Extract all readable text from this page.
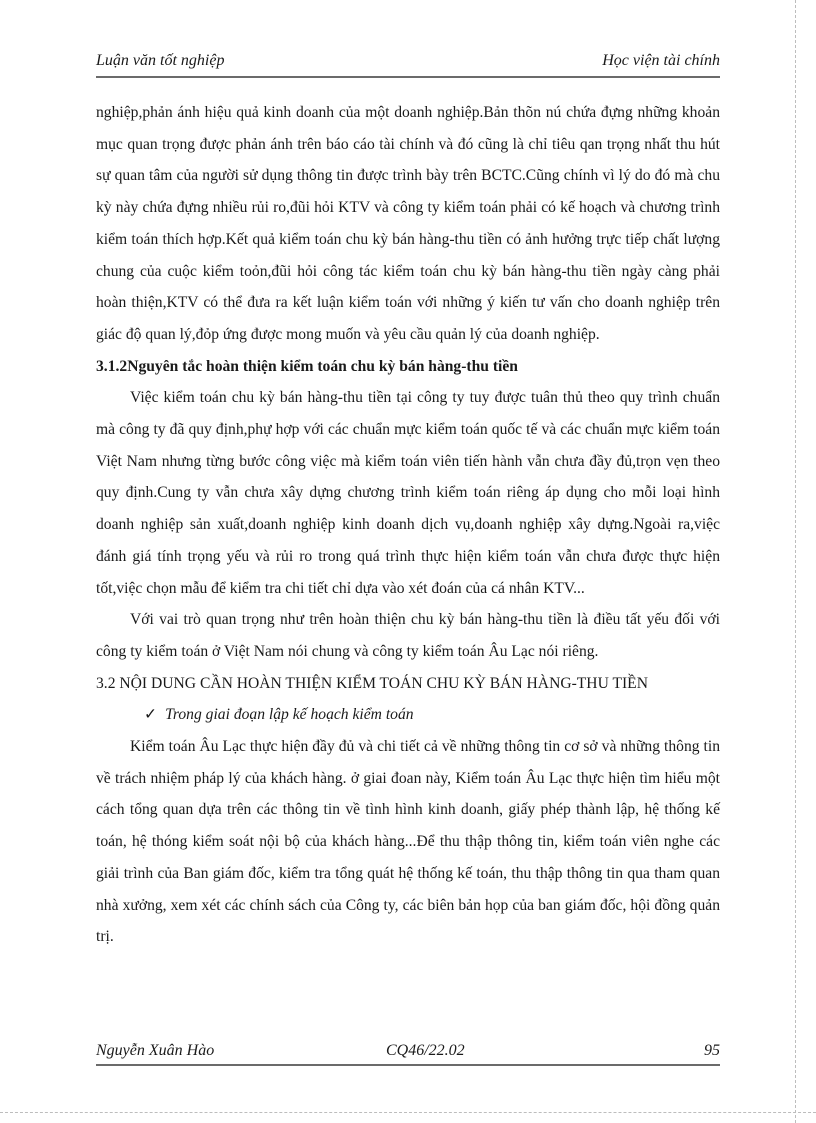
Luận văn tốt nghiệp	Học viện tài chính

nghiệp,phản ánh hiệu quả kinh doanh của một doanh nghiệp.Bản thõn nú chứa đựng những khoản mục quan trọng được phản ánh trên báo cáo tài chính và đó cũng là chỉ tiêu qan trọng nhất thu hút sự quan tâm của người sử dụng thông tin được trình bày trên BCTC.Cũng chính vì lý do đó mà chu kỳ này chứa đựng nhiều rủi ro,đũi hỏi KTV và công ty kiểm toán phải có kế hoạch và chương trình kiểm toán thích hợp.Kết quả kiểm toán chu kỳ bán hàng-thu tiền có ảnh hưởng trực tiếp chất lượng chung của cuộc kiểm toỏn,đũi hỏi công tác kiểm toán chu kỳ bán hàng-thu tiền ngày càng phải hoàn thiện,KTV có thể đưa ra kết luận kiểm toán với những ý kiến tư vấn cho doanh nghiệp trên giác độ quan lý,đỏp ứng được mong muốn và yêu cầu quản lý của doanh nghiệp.

3.1.2Nguyên tắc hoàn thiện kiểm toán chu kỳ bán hàng-thu tiền

Việc kiểm toán chu kỳ bán hàng-thu tiền tại công ty tuy được tuân thủ theo quy trình chuẩn mà công ty đã quy định,phự hợp với các chuẩn mực kiểm toán quốc tế và các chuẩn mực kiểm toán Việt Nam nhưng từng bước công việc mà kiểm toán viên tiến hành vẫn chưa đầy đủ,trọn vẹn theo quy định.Cung ty vẫn chưa xây dựng chương trình kiểm toán riêng áp dụng cho mỗi loại hình doanh nghiệp sản xuất,doanh nghiệp kinh doanh dịch vụ,doanh nghiệp xây dựng.Ngoài ra,việc đánh giá tính trọng yếu và rủi ro trong quá trình thực hiện kiểm toán vẫn chưa được thực hiện tốt,việc chọn mẫu để kiểm tra chi tiết chỉ dựa vào xét đoán của cá nhân KTV...

Với vai trò quan trọng như trên hoàn thiện chu kỳ bán hàng-thu tiền là điều tất yếu đối với công ty kiểm toán ở Việt Nam nói chung và công ty kiểm toán Âu Lạc nói riêng.

3.2 NỘI DUNG CẦN HOÀN THIỆN KIỂM TOÁN CHU KỲ BÁN HÀNG-THU TIỀN
✓ Trong giai đoạn lập kế hoạch kiểm toán

Kiểm toán Âu Lạc thực hiện đầy đủ và chi tiết cả về những thông tin cơ sở và những thông tin về trách nhiệm pháp lý của khách hàng. ở giai đoan này, Kiểm toán Âu Lạc thực hiện tìm hiểu một cách tổng quan dựa trên các thông tin về tình hình kinh doanh, giấy phép thành lập, hệ thống kế toán, hệ thóng kiểm soát nội bộ của khách hàng...Để thu thập thông tin, kiểm toán viên nghe các giải trình của Ban giám đốc, kiểm tra tổng quát hệ thống kế toán, thu thập thông tin qua tham quan nhà xưởng, xem xét các chính sách của Công ty, các biên bản họp của ban giám đốc, hội đồng quản trị.

Nguyễn Xuân Hào	CQ46/22.02	95
